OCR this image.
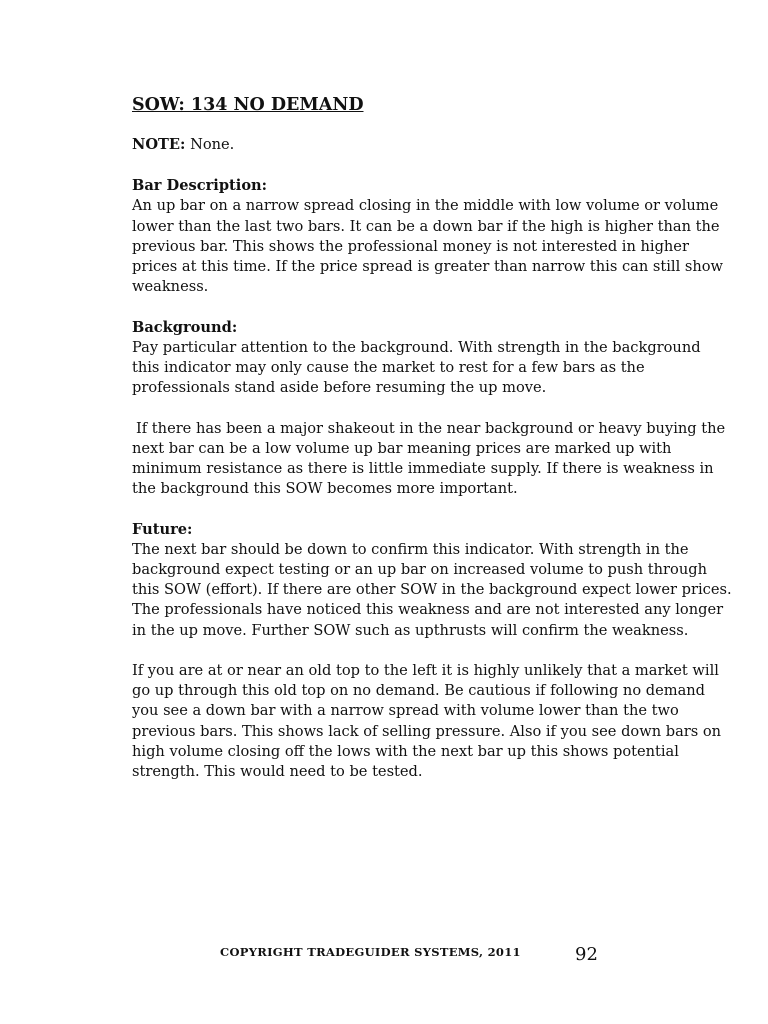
SOW: 134 NO DEMAND

NOTE: None.

Bar Description:

An up bar on a narrow spread closing in the middle with low volume or volume lower than the last two bars. It can be a down bar if the high is higher than the previous bar. This shows the professional money is not interested in higher prices at this time. If the price spread is greater than narrow this can still show weakness.

Background:

Pay particular attention to the background. With strength in the background this indicator may only cause the market to rest for a few bars as the professionals stand aside before resuming the up move.

If there has been a major shakeout in the near background or heavy buying the next bar can be a low volume up bar meaning prices are marked up with minimum resistance as there is little immediate supply. If there is weakness in the background this SOW becomes more important.

Future:

The next bar should be down to confirm this indicator. With strength in the background expect testing or an up bar on increased volume to push through this SOW (effort). If there are other SOW in the background expect lower prices. The professionals have noticed this weakness and are not interested any longer in the up move. Further SOW such as upthrusts will confirm the weakness.

If you are at or near an old top to the left it is highly unlikely that a market will go up through this old top on no demand. Be cautious if following no demand you see a down bar with a narrow spread with volume lower than the two previous bars. This shows lack of selling pressure. Also if you see down bars on high volume closing off the lows with the next bar up this shows potential strength. This would need to be tested.

COPYRIGHT TRADEGUIDER SYSTEMS, 2011	92
